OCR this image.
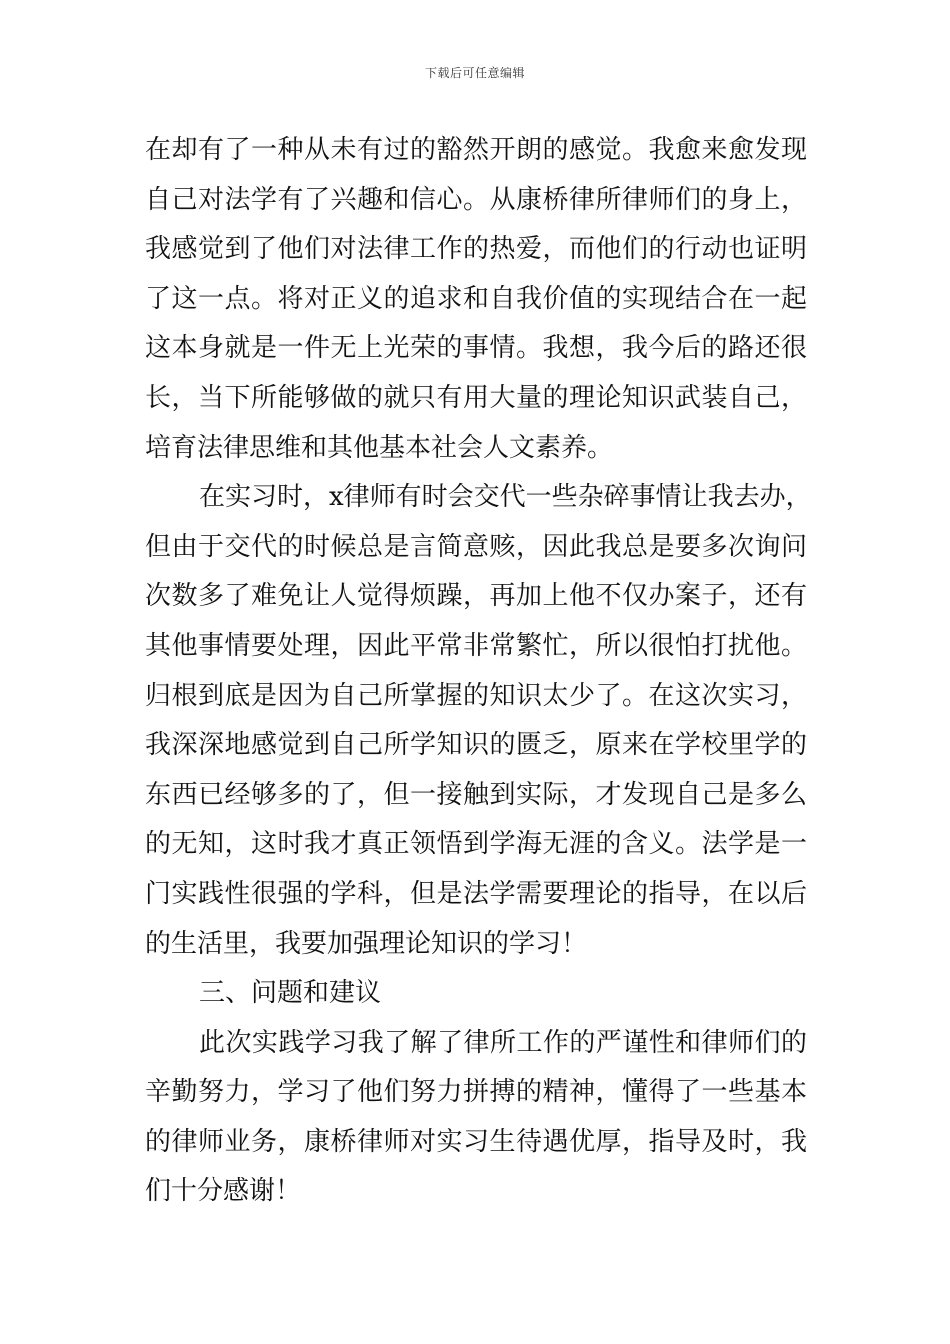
下载后可任意编辑
在却有了一种从未有过的豁然开朗的感觉。我愈来愈发现
自己对法学有了兴趣和信心。从康桥律所律师们的身上，
我感觉到了他们对法律工作的热爱，而他们的行动也证明
了这一点。将对正义的追求和自我价值的实现结合在一起
这本身就是一件无上光荣的事情。我想，我今后的路还很
长，当下所能够做的就只有用大量的理论知识武装自己，
培育法律思维和其他基本社会人文素养。
在实习时，x律师有时会交代一些杂碎事情让我去办，
但由于交代的时候总是言简意赅，因此我总是要多次询问
次数多了难免让人觉得烦躁，再加上他不仅办案子，还有
其他事情要处理，因此平常非常繁忙，所以很怕打扰他。
归根到底是因为自己所掌握的知识太少了。在这次实习，
我深深地感觉到自己所学知识的匮乏，原来在学校里学的
东西已经够多的了，但一接触到实际，才发现自己是多么
的无知，这时我才真正领悟到学海无涯的含义。法学是一
门实践性很强的学科，但是法学需要理论的指导，在以后
的生活里，我要加强理论知识的学习！
三、问题和建议
此次实践学习我了解了律所工作的严谨性和律师们的
辛勤努力，学习了他们努力拼搏的精神，懂得了一些基本
的律师业务，康桥律师对实习生待遇优厚，指导及时，我
们十分感谢！
